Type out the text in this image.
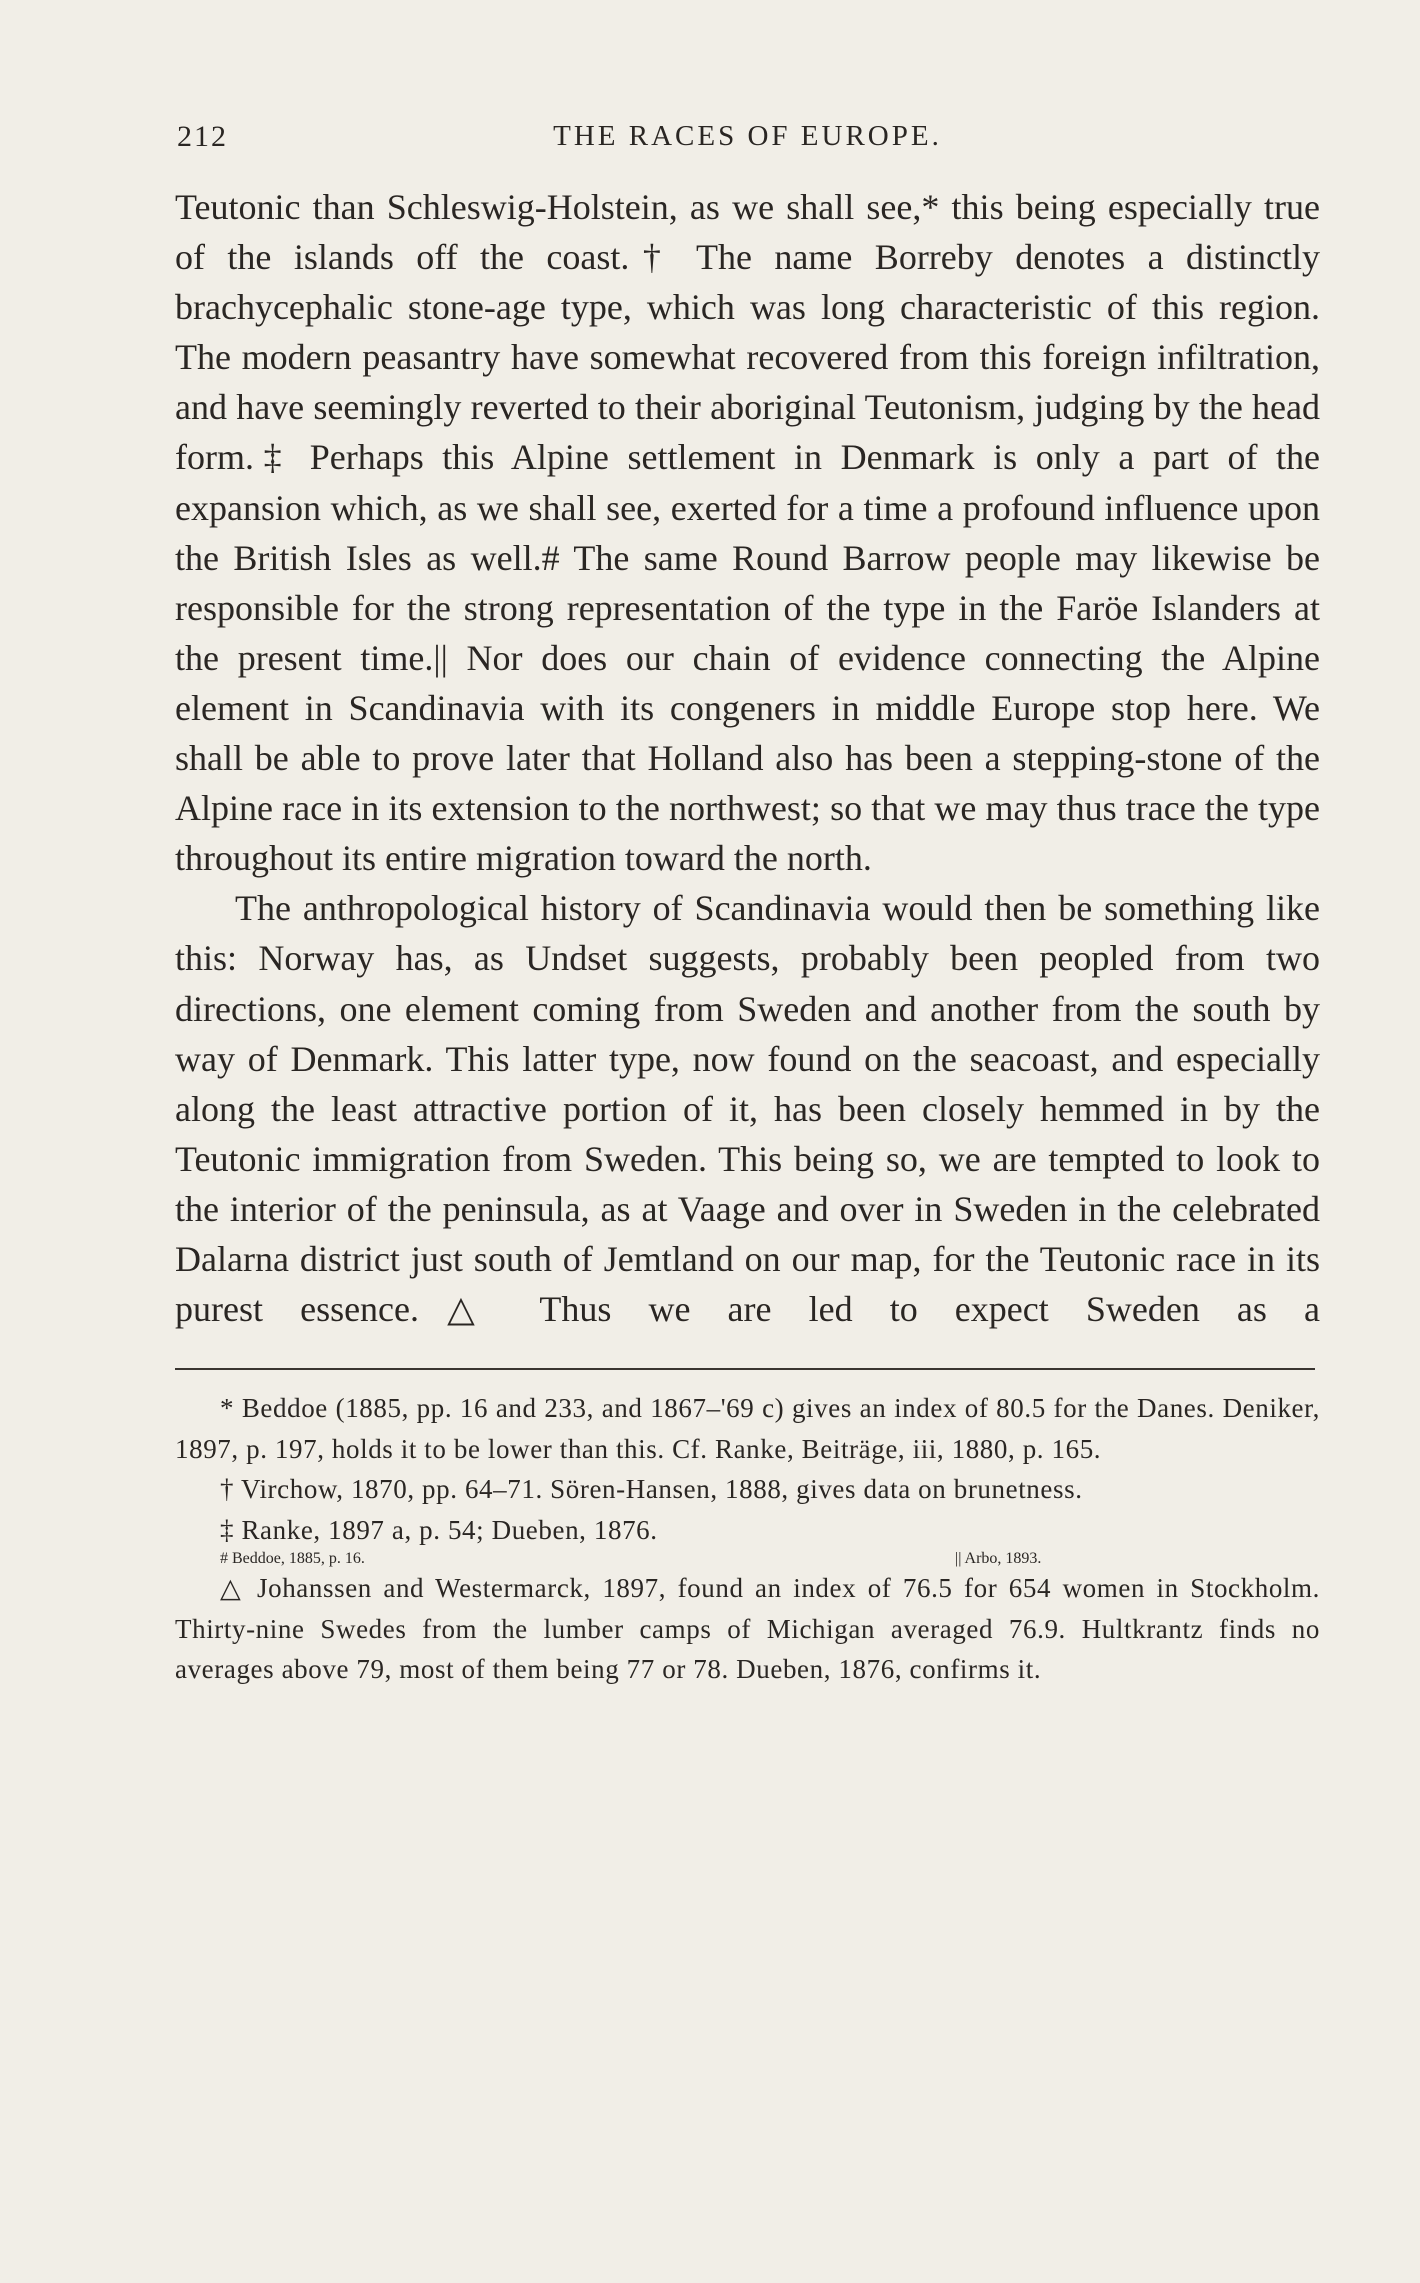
212	THE RACES OF EUROPE.

Teutonic than Schleswig-Holstein, as we shall see,* this being especially true of the islands off the coast.† The name Borreby denotes a distinctly brachycephalic stone-age type, which was long characteristic of this region. The modern peasantry have somewhat recovered from this foreign infiltration, and have seemingly reverted to their aboriginal Teutonism, judging by the head form.‡ Perhaps this Alpine settlement in Denmark is only a part of the expansion which, as we shall see, exerted for a time a profound influence upon the British Isles as well.# The same Round Barrow people may likewise be responsible for the strong representation of the type in the Faröe Islanders at the present time.|| Nor does our chain of evidence connecting the Alpine element in Scandinavia with its congeners in middle Europe stop here. We shall be able to prove later that Holland also has been a stepping-stone of the Alpine race in its extension to the northwest; so that we may thus trace the type throughout its entire migration toward the north.

The anthropological history of Scandinavia would then be something like this: Norway has, as Undset suggests, probably been peopled from two directions, one element coming from Sweden and another from the south by way of Denmark. This latter type, now found on the seacoast, and especially along the least attractive portion of it, has been closely hemmed in by the Teutonic immigration from Sweden. This being so, we are tempted to look to the interior of the peninsula, as at Vaage and over in Sweden in the celebrated Dalarna district just south of Jemtland on our map, for the Teutonic race in its purest essence.△ Thus we are led to expect Sweden as a

* Beddoe (1885, pp. 16 and 233, and 1867–'69 c) gives an index of 80.5 for the Danes. Deniker, 1897, p. 197, holds it to be lower than this. Cf. Ranke, Beiträge, iii, 1880, p. 165.

† Virchow, 1870, pp. 64–71. Sören-Hansen, 1888, gives data on brunetness.

‡ Ranke, 1897 a, p. 54; Dueben, 1876.

# Beddoe, 1885, p. 16.	|| Arbo, 1893.

△ Johanssen and Westermarck, 1897, found an index of 76.5 for 654 women in Stockholm. Thirty-nine Swedes from the lumber camps of Michigan averaged 76.9. Hultkrantz finds no averages above 79, most of them being 77 or 78. Dueben, 1876, confirms it.
